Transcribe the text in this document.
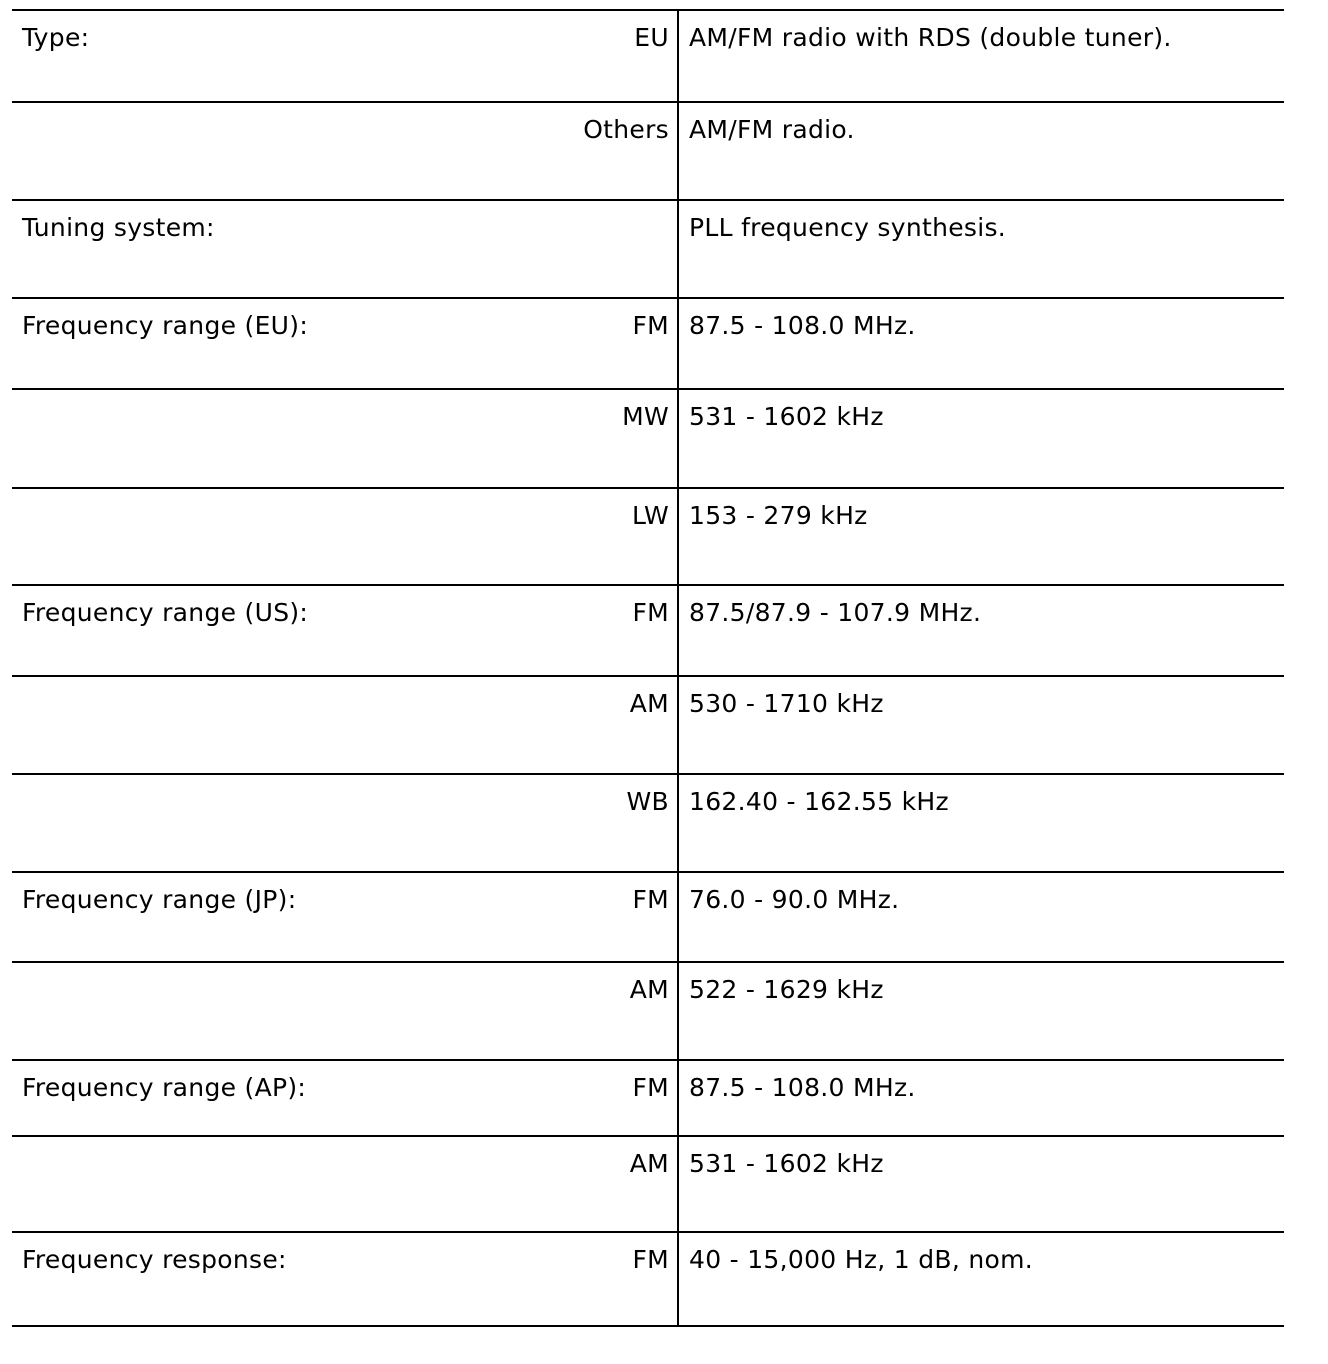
Type:	EU	AM/FM radio with RDS (double tuner).
	Others	AM/FM radio.
Tuning system:		PLL frequency synthesis.
Frequency range (EU):	FM	87.5 - 108.0 MHz.
	MW	531 - 1602 kHz
	LW	153 - 279 kHz
Frequency range (US):	FM	87.5/87.9 - 107.9 MHz.
	AM	530 - 1710 kHz
	WB	162.40 - 162.55 kHz
Frequency range (JP):	FM	76.0 - 90.0 MHz.
	AM	522 - 1629 kHz
Frequency range (AP):	FM	87.5 - 108.0 MHz.
	AM	531 - 1602 kHz
Frequency response:	FM	40 - 15,000 Hz, 1 dB, nom.
